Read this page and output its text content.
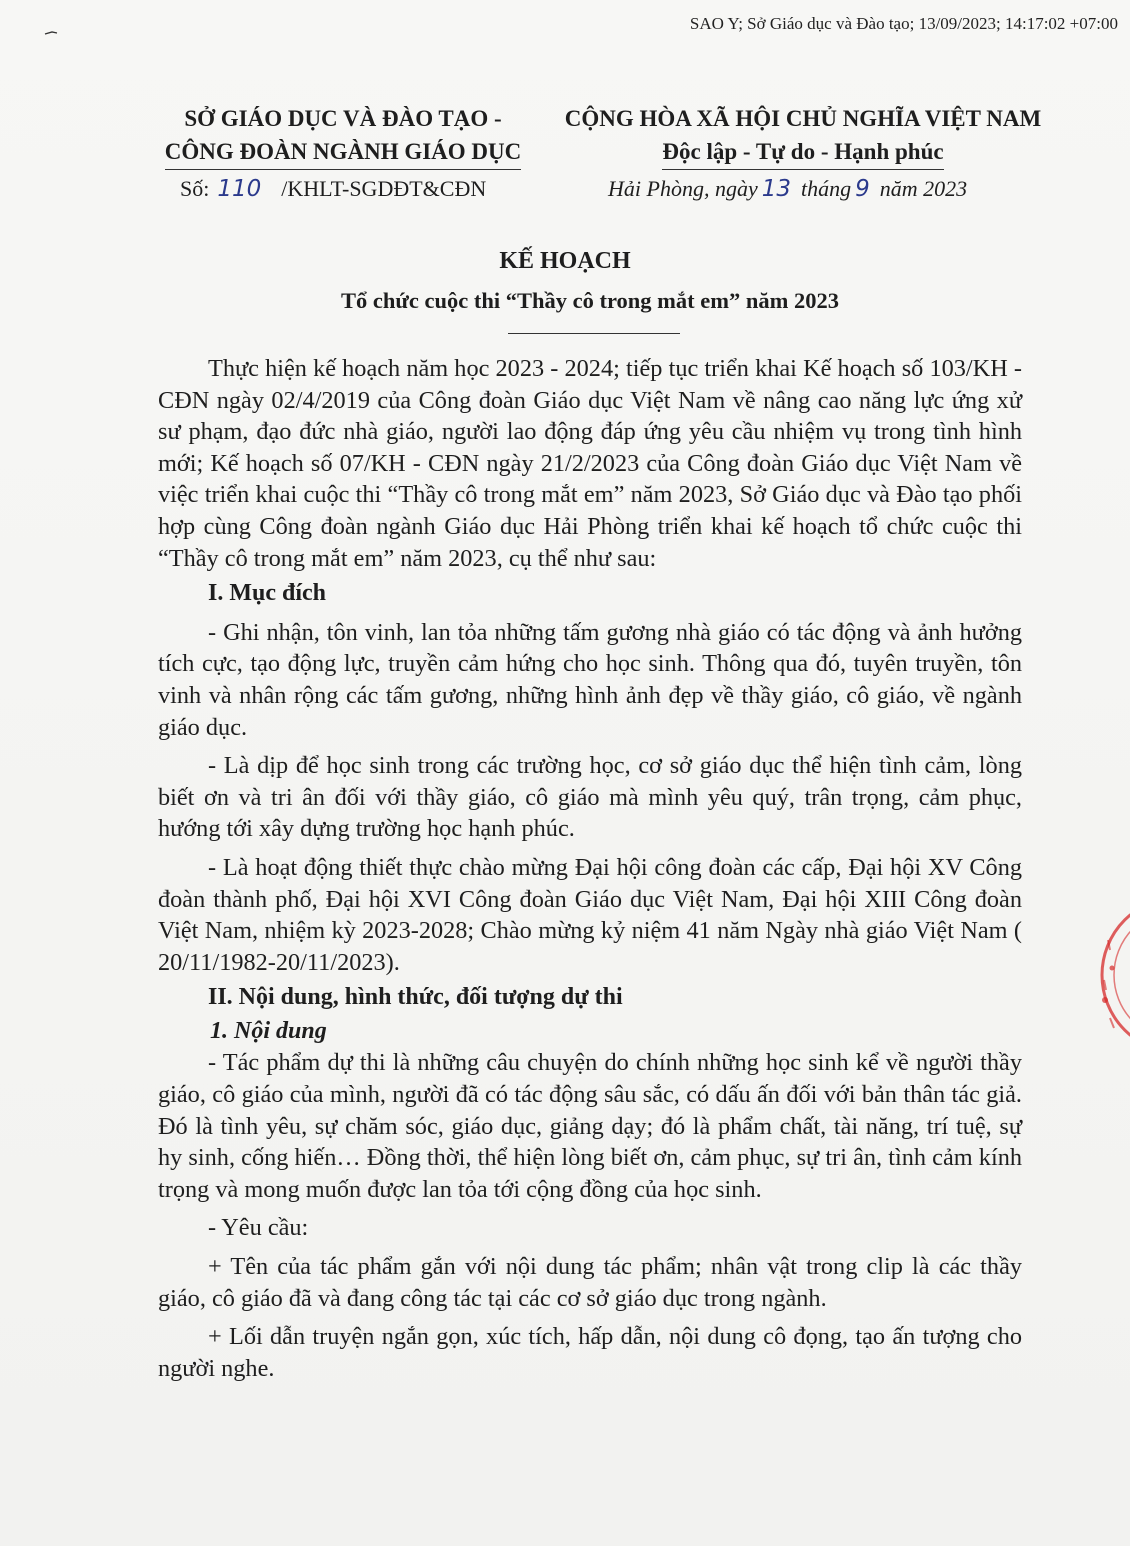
SAO Y; Sở Giáo dục và Đào tạo; 13/09/2023; 14:17:02 +07:00
SỞ GIÁO DỤC VÀ ĐÀO TẠO -
CÔNG ĐOÀN NGÀNH GIÁO DỤC
CỘNG HÒA XÃ HỘI CHỦ NGHĨA VIỆT NAM
Độc lập - Tự do - Hạnh phúc
Số: 110 /KHLT-SGDĐT&CĐN	Hải Phòng, ngày 13 tháng 9 năm 2023
KẾ HOẠCH
Tổ chức cuộc thi “Thầy cô trong mắt em” năm 2023

Thực hiện kế hoạch năm học 2023 - 2024; tiếp tục triển khai Kế hoạch số 103/KH - CĐN ngày 02/4/2019 của Công đoàn Giáo dục Việt Nam về nâng cao năng lực ứng xử sư phạm, đạo đức nhà giáo, người lao động đáp ứng yêu cầu nhiệm vụ trong tình hình mới; Kế hoạch số 07/KH - CĐN ngày 21/2/2023 của Công đoàn Giáo dục Việt Nam về việc triển khai cuộc thi “Thầy cô trong mắt em” năm 2023, Sở Giáo dục và Đào tạo phối hợp cùng Công đoàn ngành Giáo dục Hải Phòng triển khai kế hoạch tổ chức cuộc thi “Thầy cô trong mắt em” năm 2023, cụ thể như sau:

I. Mục đích

- Ghi nhận, tôn vinh, lan tỏa những tấm gương nhà giáo có tác động và ảnh hưởng tích cực, tạo động lực, truyền cảm hứng cho học sinh. Thông qua đó, tuyên truyền, tôn vinh và nhân rộng các tấm gương, những hình ảnh đẹp về thầy giáo, cô giáo, về ngành giáo dục.

- Là dịp để học sinh trong các trường học, cơ sở giáo dục thể hiện tình cảm, lòng biết ơn và tri ân đối với thầy giáo, cô giáo mà mình yêu quý, trân trọng, cảm phục, hướng tới xây dựng trường học hạnh phúc.

- Là hoạt động thiết thực chào mừng Đại hội công đoàn các cấp, Đại hội XV Công đoàn thành phố, Đại hội XVI Công đoàn Giáo dục Việt Nam, Đại hội XIII Công đoàn Việt Nam, nhiệm kỳ 2023-2028; Chào mừng kỷ niệm 41 năm Ngày nhà giáo Việt Nam ( 20/11/1982-20/11/2023).

II. Nội dung, hình thức, đối tượng dự thi

1. Nội dung

- Tác phẩm dự thi là những câu chuyện do chính những học sinh kể về người thầy giáo, cô giáo của mình, người đã có tác động sâu sắc, có dấu ấn đối với bản thân tác giả. Đó là tình yêu, sự chăm sóc, giáo dục, giảng dạy; đó là phẩm chất, tài năng, trí tuệ, sự hy sinh, cống hiến… Đồng thời, thể hiện lòng biết ơn, cảm phục, sự tri ân, tình cảm kính trọng và mong muốn được lan tỏa tới cộng đồng của học sinh.

- Yêu cầu:

+ Tên của tác phẩm gắn với nội dung tác phẩm; nhân vật trong clip là các thầy giáo, cô giáo đã và đang công tác tại các cơ sở giáo dục trong ngành.

+ Lối dẫn truyện ngắn gọn, xúc tích, hấp dẫn, nội dung cô đọng, tạo ấn tượng cho người nghe.
